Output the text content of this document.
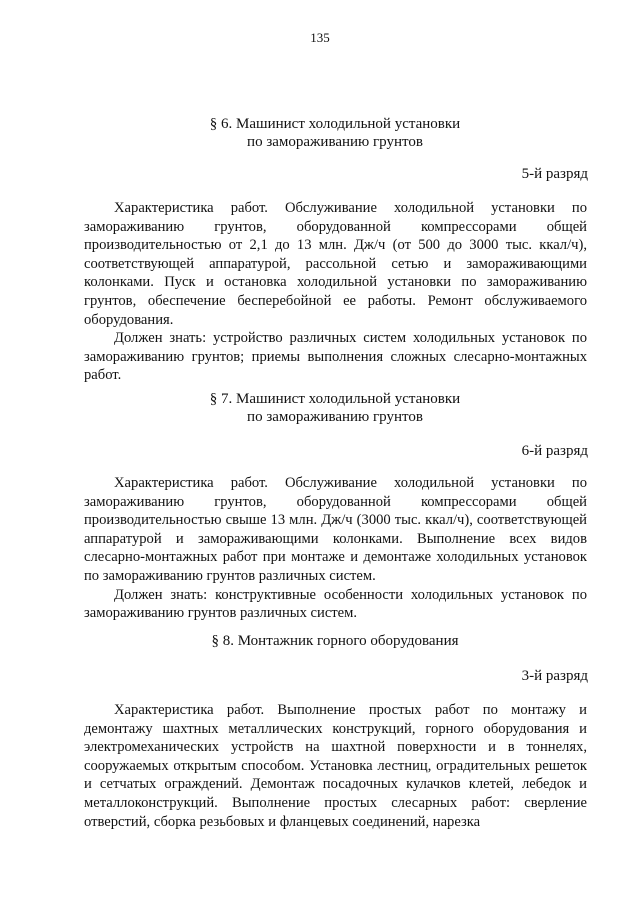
135
§ 6. Машинист холодильной установки
по замораживанию грунтов
5-й разряд

Характеристика работ. Обслуживание холодильной установки по замораживанию грунтов, оборудованной компрессорами общей производительностью от 2,1 до 13 млн. Дж/ч (от 500 до 3000 тыс. ккал/ч), соответствующей аппаратурой, рассольной сетью и замораживающими колонками. Пуск и остановка холодильной установки по замораживанию грунтов, обеспечение бесперебойной ее работы. Ремонт обслуживаемого оборудования.

Должен знать: устройство различных систем холодильных установок по замораживанию грунтов; приемы выполнения сложных слесарно-монтажных работ.

§ 7. Машинист холодильной установки
по замораживанию грунтов
6-й разряд

Характеристика работ. Обслуживание холодильной установки по замораживанию грунтов, оборудованной компрессорами общей производительностью свыше 13 млн. Дж/ч (3000 тыс. ккал/ч), соответствующей аппаратурой и замораживающими колонками. Выполнение всех видов слесарно-монтажных работ при монтаже и демонтаже холодильных установок по замораживанию грунтов различных систем.

Должен знать: конструктивные особенности холодильных установок по замораживанию грунтов различных систем.

§ 8. Монтажник горного оборудования
3-й разряд

Характеристика работ. Выполнение простых работ по монтажу и демонтажу шахтных металлических конструкций, горного оборудования и электромеханических устройств на шахтной поверхности и в тоннелях, сооружаемых открытым способом. Установка лестниц, оградительных решеток и сетчатых ограждений. Демонтаж посадочных кулачков клетей, лебедок и металлоконструкций. Выполнение простых слесарных работ: сверление отверстий, сборка резьбовых и фланцевых соединений, нарезка
